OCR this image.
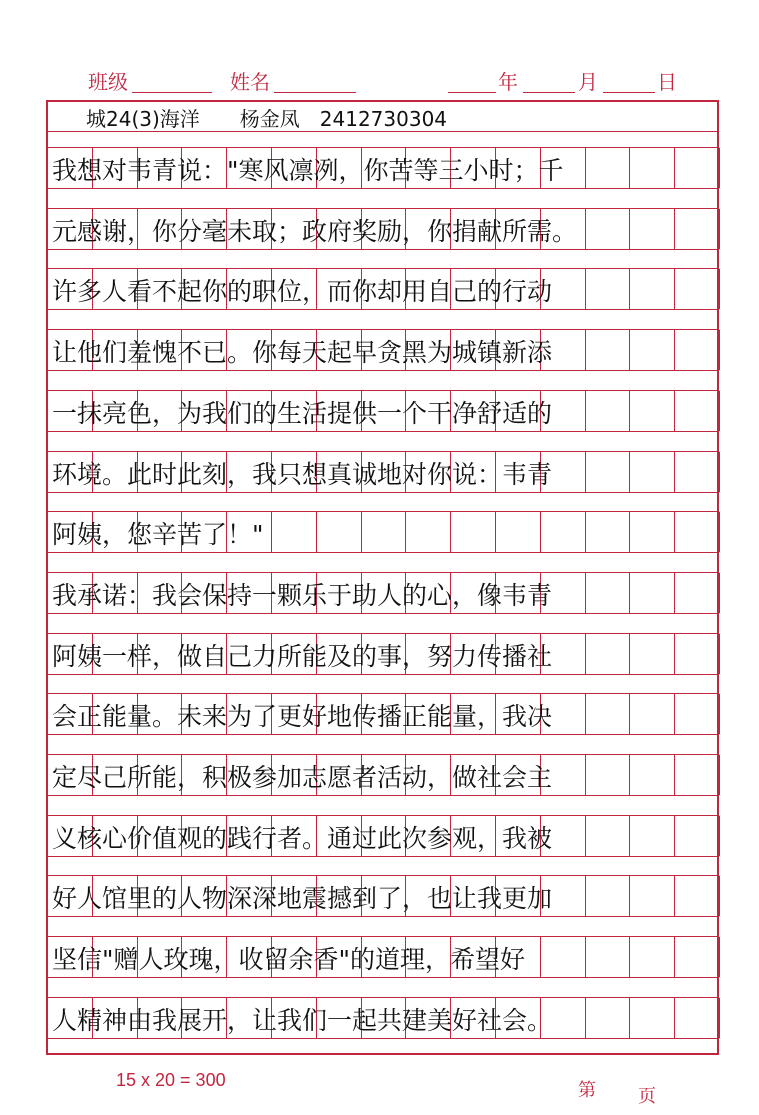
班级	姓名	年	月	日
城24(3)海洋　　杨金凤　2412730304
我想对韦青说："寒风凛冽，你苦等三小时；千
元感谢，你分毫未取；政府奖励，你捐献所需。
许多人看不起你的职位，而你却用自己的行动
让他们羞愧不已。你每天起早贪黑为城镇新添
一抹亮色，为我们的生活提供一个干净舒适的
环境。此时此刻，我只想真诚地对你说：韦青
阿姨，您辛苦了！"
我承诺：我会保持一颗乐于助人的心，像韦青
阿姨一样，做自己力所能及的事，努力传播社
会正能量。未来为了更好地传播正能量，我决
定尽己所能，积极参加志愿者活动，做社会主
义核心价值观的践行者。通过此次参观，我被
好人馆里的人物深深地震撼到了，也让我更加
坚信"赠人玫瑰，收留余香"的道理，希望好
人精神由我展开，让我们一起共建美好社会。
15 x 20 = 300	第 页
